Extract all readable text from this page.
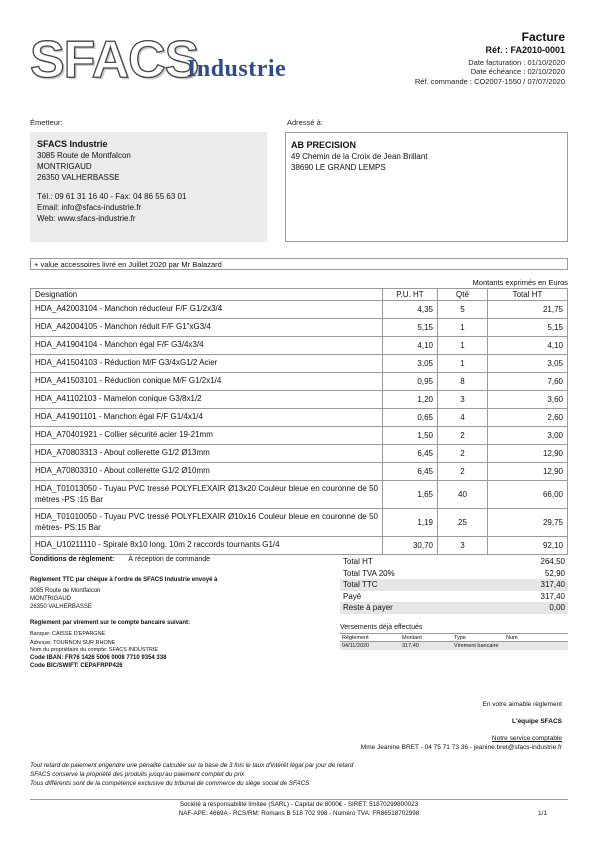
SFACS
Industrie
Facture
Réf. : FA2010-0001
Date facturation : 01/10/2020
Date échéance : 02/10/2020
Réf. commande : CO2007-1550 / 07/07/2020
Émetteur:
SFACS Industrie
3085 Route de Montfalcon
MONTRIGAUD
26350 VALHERBASSE
Tél.: 09 61 31 16 40 - Fax: 04 86 55 63 01
Email: info@sfacs-industrie.fr
Web: www.sfacs-industrie.fr
Adressé à:
AB PRECISION
49 Chemin de la Croix de Jean Brillant
38690 LE GRAND LEMPS
+ value accessoires livré en Juillet 2020 par Mr Balazard
Montants exprimés en Euros
Designation	P.U. HT	Qté	Total HT
HDA_A42003104 - Manchon réducteur F/F G1/2x3/4	4,35	5	21,75
HDA_A42004105 - Manchon réduit F/F G1"xG3/4	5,15	1	5,15
HDA_A41904104 - Manchon égal F/F G3/4x3/4	4,10	1	4,10
HDA_A41504103 - Réduction M/F G3/4xG1/2 Acier	3,05	1	3,05
HDA_A41503101 - Réduction conique M/F G1/2x1/4	0,95	8	7,60
HDA_A41102103 - Mamelon conique G3/8x1/2	1,20	3	3,60
HDA_A41901101 - Manchon égal F/F G1/4x1/4	0,65	4	2,60
HDA_A70401921 - Collier sécurité acier 19-21mm	1,50	2	3,00
HDA_A70803313 - About collerette G1/2 Ø13mm	6,45	2	12,90
HDA_A70803310 - About collerette G1/2 Ø10mm	6,45	2	12,90
HDA_T01013050 - Tuyau PVC tressé POLYFLEXAIR Ø13x20 Couleur bleue en couronne de 50 mètres -PS :15 Bar	1,65	40	66,00
HDA_T01010050 - Tuyau PVC tressé POLYFLEXAIR Ø10x16 Couleur bleue en couronne de 50 mètres- PS:15 Bar	1,19	25	29,75
HDA_U10211110 - Spiralé 8x10 long. 10m 2 raccords tournants G1/4	30,70	3	92,10
Conditions de règlement: À réception de commande
Règlement TTC par chèque à l'ordre de SFACS Industrie envoyé à
3085 Route de Montfalcon
MONTRIGAUD
26350 VALHERBASSE
Règlement par virement sur le compte bancaire suivant:
Banque: CAISSE D'EPARGNE
Adresse: TOURNON SUR RHONE
Nom du propriétaire du compte: SFACS INDUSTRIE
Code IBAN: FR76 1426 5006 0008 7710 9354 338
Code BIC/SWIFT: CEPAFRPP426
Total HT	264,50
Total TVA 20%	52,90
Total TTC	317,40
Payé	317,40
Reste à payer	0,00
Versements déjà effectués
Règlement	Montant	Type	Num
04/11/2020	317,40	Virement bancaire	
En votre aimable règlement
L'équipe SFACS
Notre service comptable
Mme Jeanine BRET - 04 75 71 73 36 - jeanine.bret@sfacs-industrie.fr
Tout retard de paiement engendre une pénalité calculée sur la base de 3 fois le taux d'intérêt légal par jour de retard
SFACS conserve la propriété des produits jusqu'au paiement complet du prix
Tous différents sont de la compétence exclusive du tribunal de commerce du siège social de SFACS
Société à responsabilité limitée (SARL) - Capital de 8000€ - SIRET: 51870299800023
NAF-APE: 4669A - RCS/RM: Romans B 518 702 998 - Numéro TVA: FR86518702998	1/1
